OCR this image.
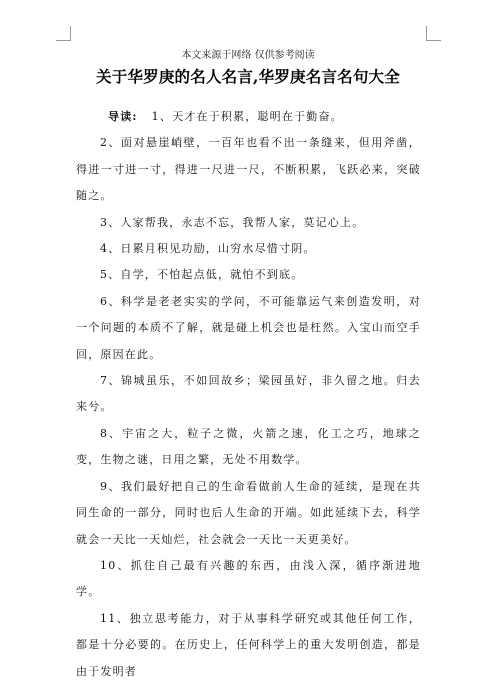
本文来源于网络 仅供参考阅读
关于华罗庚的名人名言,华罗庚名言名句大全

导读: 1、天才在于积累，聪明在于勤奋。

2、面对悬崖峭壁，一百年也看不出一条缝来，但用斧凿，得进一寸进一寸，得进一尺进一尺，不断积累，飞跃必来，突破随之。

3、人家帮我，永志不忘，我帮人家，莫记心上。

4、日累月积见功励，山穷水尽惜寸阴。

5、自学，不怕起点低，就怕不到底。

6、科学是老老实实的学问，不可能靠运气来创造发明，对一个问题的本质不了解，就是碰上机会也是枉然。入宝山而空手回，原因在此。

7、锦城虽乐，不如回故乡；梁园虽好，非久留之地。归去来兮。

8、宇宙之大，粒子之微，火箭之速，化工之巧，地球之变，生物之谜，日用之繁，无处不用数学。

9、我们最好把自己的生命看做前人生命的延续，是现在共同生命的一部分，同时也后人生命的开端。如此延续下去，科学就会一天比一天灿烂，社会就会一天比一天更美好。

10、抓住自己最有兴趣的东西，由浅入深，循序渐进地学。

11、独立思考能力，对于从事科学研究或其他任何工作，都是十分必要的。在历史上，任何科学上的重大发明创造，都是由于发明者
